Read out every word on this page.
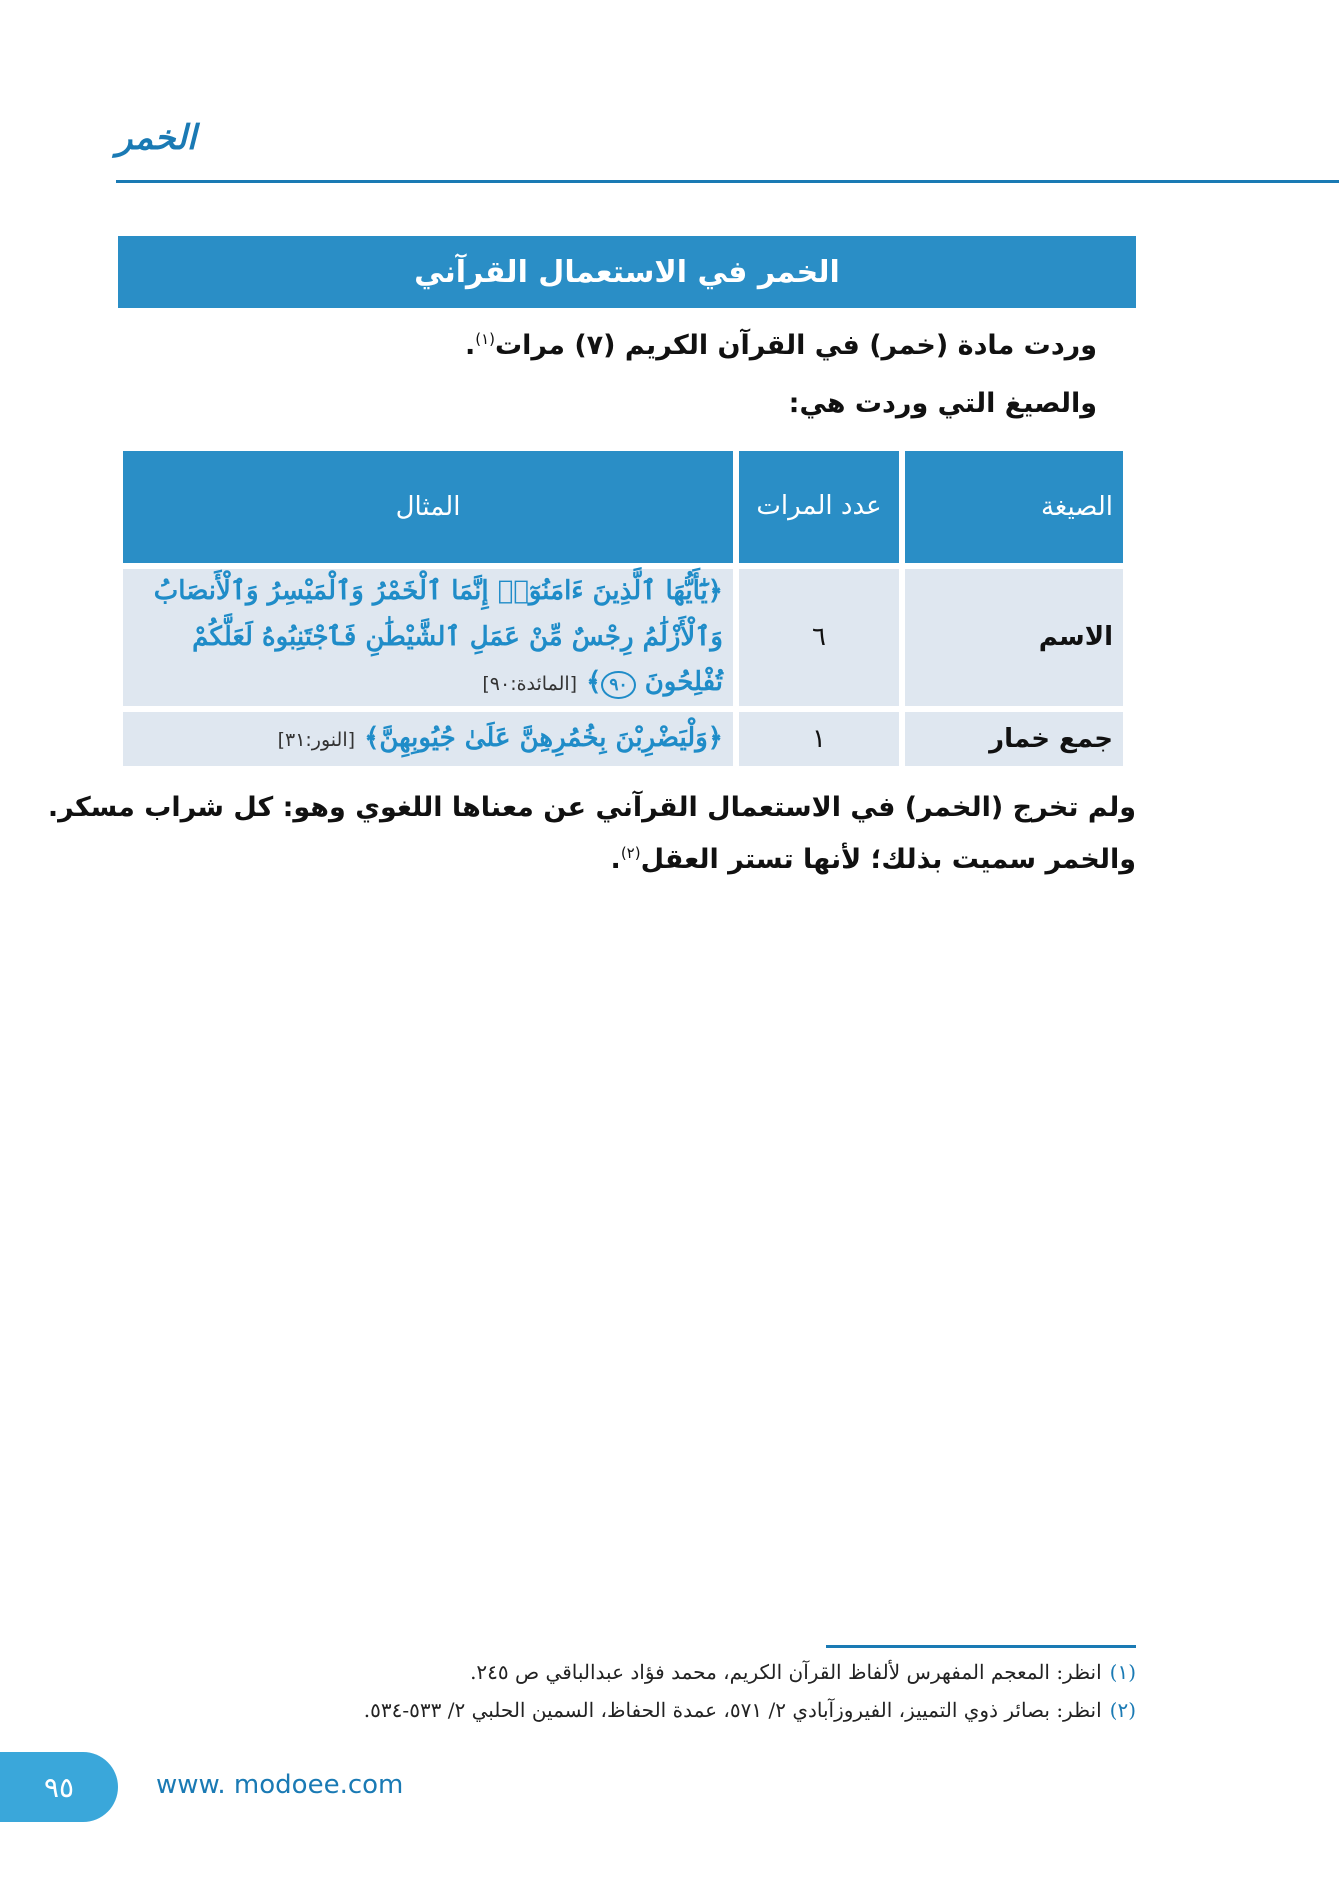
الخمر
الخمر في الاستعمال القرآني
وردت مادة (خمر) في القرآن الكريم (٧) مرات$^{(١)}$.
والصيغ التي وردت هي:
الصيغة	عدد المرات	المثال
الاسم	٦	﴿يَٰٓأَيُّهَا ٱلَّذِينَ ءَامَنُوٓا۟ إِنَّمَا ٱلْخَمْرُ وَٱلْمَيْسِرُ وَٱلْأَنصَابُ وَٱلْأَزْلَٰمُ رِجْسٌ مِّنْ عَمَلِ ٱلشَّيْطَٰنِ فَٱجْتَنِبُوهُ لَعَلَّكُمْ تُفْلِحُونَ ٩٠﴾ [المائدة:٩٠]
جمع خمار	١	﴿وَلْيَضْرِبْنَ بِخُمُرِهِنَّ عَلَىٰ جُيُوبِهِنَّ﴾ [النور:٣١]
ولم تخرج (الخمر) في الاستعمال القرآني عن معناها اللغوي وهو: كل شراب مسكر.
والخمر سميت بذلك؛ لأنها تستر العقل$^{(٢)}$.
(١)انظر: المعجم المفهرس لألفاظ القرآن الكريم، محمد فؤاد عبدالباقي ص ٢٤٥.
(٢)انظر: بصائر ذوي التمييز، الفيروزآبادي ٢/ ٥٧١، عمدة الحفاظ، السمين الحلبي ٢/ ٥٣٣-٥٣٤.
٩٥	www. modoee.com
